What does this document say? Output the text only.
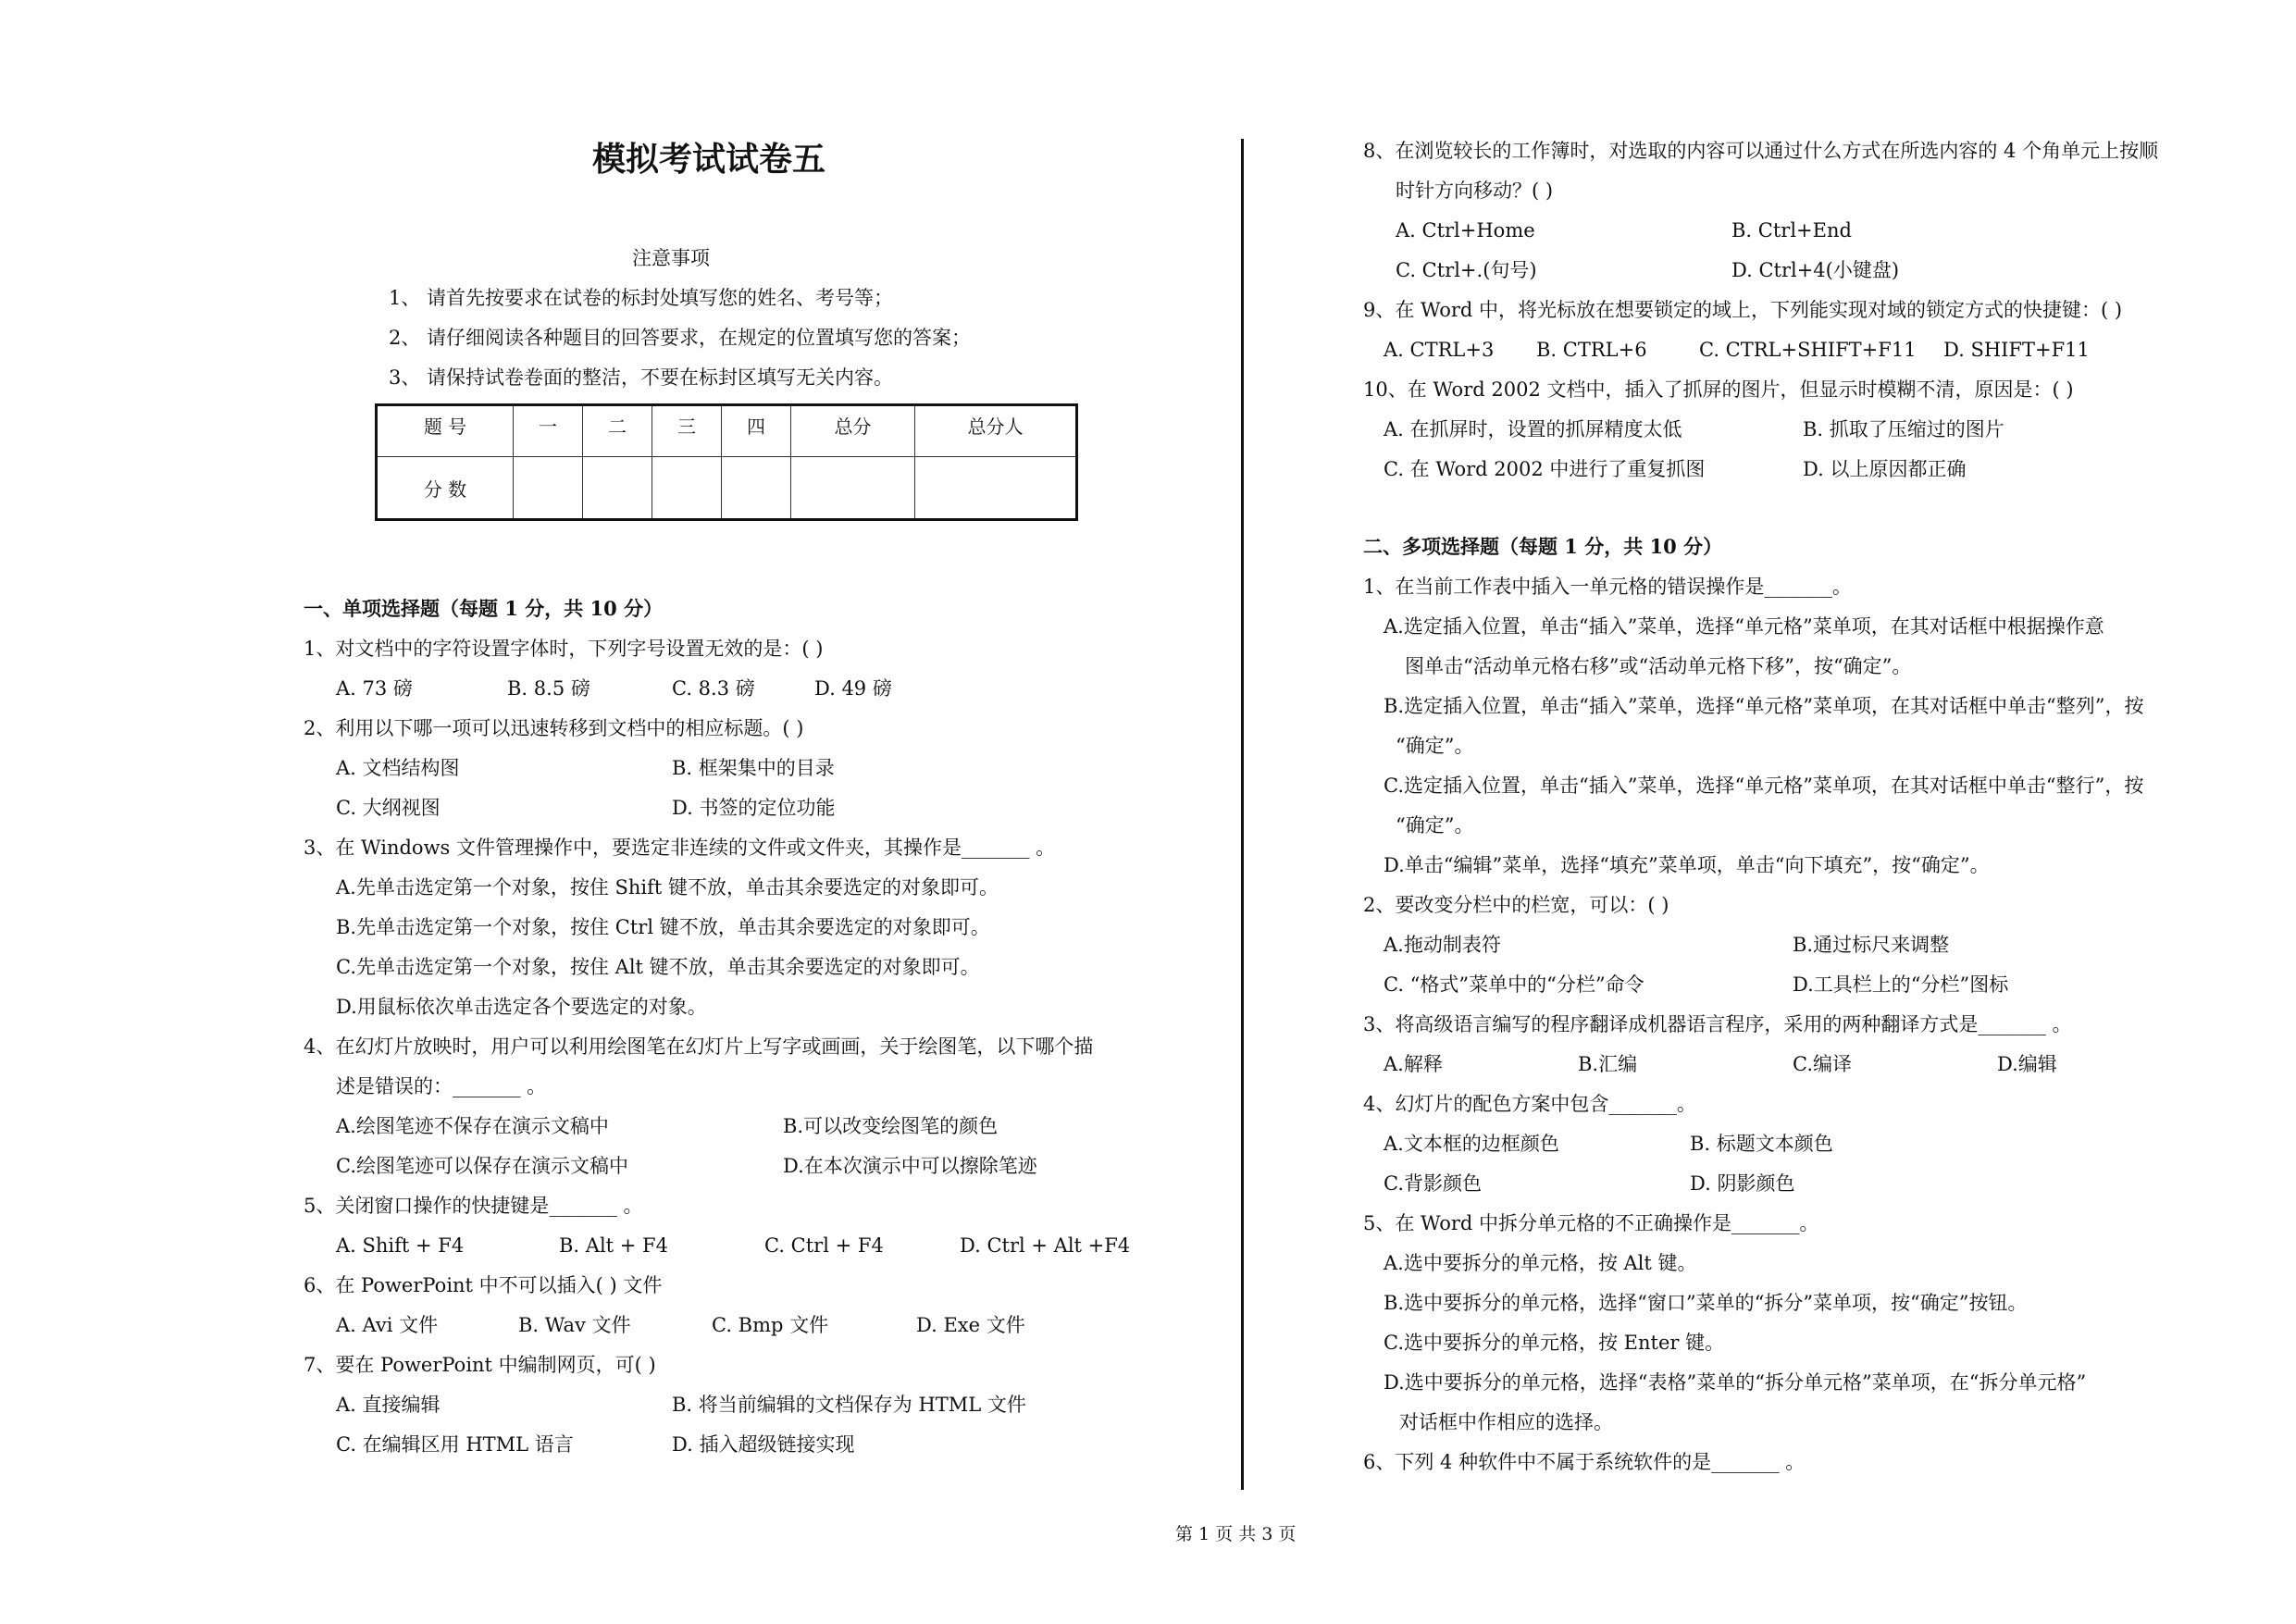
模拟考试试卷五
注意事项
1、 请首先按要求在试卷的标封处填写您的姓名、考号等；
2、 请仔细阅读各种题目的回答要求，在规定的位置填写您的答案；
3、 请保持试卷卷面的整洁，不要在标封区填写无关内容。
题 号	一	二	三	四	总分	总分人
分 数						
一、单项选择题（每题 1 分，共 10 分）
1、对文档中的字符设置字体时，下列字号设置无效的是：( )
A. 73 磅	B. 8.5 磅	C. 8.3 磅	D. 49 磅
2、利用以下哪一项可以迅速转移到文档中的相应标题。( )
A. 文档结构图	B. 框架集中的目录
C. 大纲视图	D. 书签的定位功能
3、在 Windows 文件管理操作中，要选定非连续的文件或文件夹，其操作是_______ 。
A.先单击选定第一个对象，按住 Shift 键不放，单击其余要选定的对象即可。
B.先单击选定第一个对象，按住 Ctrl 键不放，单击其余要选定的对象即可。
C.先单击选定第一个对象，按住 Alt 键不放，单击其余要选定的对象即可。
D.用鼠标依次单击选定各个要选定的对象。
4、在幻灯片放映时，用户可以利用绘图笔在幻灯片上写字或画画，关于绘图笔，以下哪个描
述是错误的：_______ 。
A.绘图笔迹不保存在演示文稿中	B.可以改变绘图笔的颜色
C.绘图笔迹可以保存在演示文稿中	D.在本次演示中可以擦除笔迹
5、关闭窗口操作的快捷键是_______ 。
A. Shift + F4	B. Alt + F4	C. Ctrl + F4	D. Ctrl + Alt +F4
6、在 PowerPoint 中不可以插入( ) 文件
A. Avi 文件	B. Wav 文件	C. Bmp 文件	D. Exe 文件
7、要在 PowerPoint 中编制网页，可( )
A. 直接编辑	B. 将当前编辑的文档保存为 HTML 文件
C. 在编辑区用 HTML 语言	D. 插入超级链接实现
8、在浏览较长的工作簿时，对选取的内容可以通过什么方式在所选内容的 4 个角单元上按顺
时针方向移动？( )
A. Ctrl+Home	B. Ctrl+End
C. Ctrl+.(句号)	D. Ctrl+4(小键盘)
9、在 Word 中，将光标放在想要锁定的域上，下列能实现对域的锁定方式的快捷键：( )
A. CTRL+3 B. CTRL+6	C. CTRL+SHIFT+F11 D. SHIFT+F11
10、在 Word 2002 文档中，插入了抓屏的图片，但显示时模糊不清，原因是：( )
A. 在抓屏时，设置的抓屏精度太低	B. 抓取了压缩过的图片
C. 在 Word 2002 中进行了重复抓图	D. 以上原因都正确
二、多项选择题（每题 1 分，共 10 分）
1、在当前工作表中插入一单元格的错误操作是_______。
A.选定插入位置，单击“插入”菜单，选择“单元格”菜单项，在其对话框中根据操作意
图单击“活动单元格右移”或“活动单元格下移”，按“确定”。
B.选定插入位置，单击“插入”菜单，选择“单元格”菜单项，在其对话框中单击“整列”，按
“确定”。
C.选定插入位置，单击“插入”菜单，选择“单元格”菜单项，在其对话框中单击“整行”，按
“确定”。
D.单击“编辑”菜单，选择“填充”菜单项，单击“向下填充”，按“确定”。
2、要改变分栏中的栏宽，可以：( )
A.拖动制表符	B.通过标尺来调整
C. “格式”菜单中的“分栏”命令	D.工具栏上的“分栏”图标
3、将高级语言编写的程序翻译成机器语言程序，采用的两种翻译方式是_______ 。
A.解释	B.汇编	C.编译	D.编辑
4、幻灯片的配色方案中包含_______。
A.文本框的边框颜色	B. 标题文本颜色
C.背影颜色	D. 阴影颜色
5、在 Word 中拆分单元格的不正确操作是_______。
A.选中要拆分的单元格，按 Alt 键。
B.选中要拆分的单元格，选择“窗口”菜单的“拆分”菜单项，按“确定”按钮。
C.选中要拆分的单元格，按 Enter 键。
D.选中要拆分的单元格，选择“表格”菜单的“拆分单元格”菜单项，在“拆分单元格”
对话框中作相应的选择。
6、下列 4 种软件中不属于系统软件的是_______ 。
第 1 页 共 3 页
